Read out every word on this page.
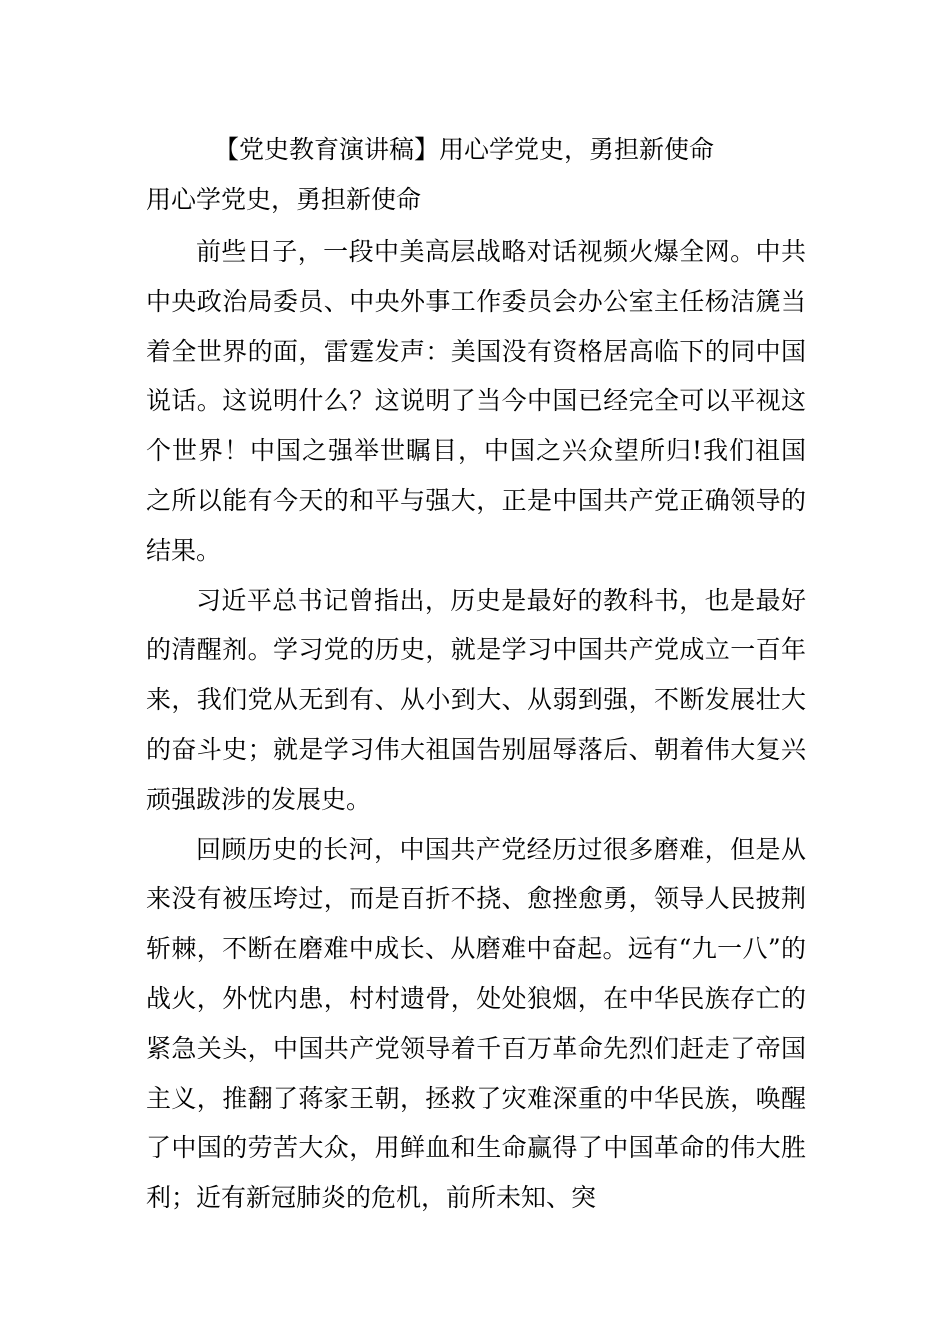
【党史教育演讲稿】用心学党史，勇担新使命

用心学党史，勇担新使命

前些日子，一段中美高层战略对话视频火爆全网。中共中央政治局委员、中央外事工作委员会办公室主任杨洁篪当着全世界的面，雷霆发声：美国没有资格居高临下的同中国说话。这说明什么？这说明了当今中国已经完全可以平视这个世界！中国之强举世瞩目，中国之兴众望所归!我们祖国之所以能有今天的和平与强大，正是中国共产党正确领导的结果。

习近平总书记曾指出，历史是最好的教科书，也是最好的清醒剂。学习党的历史，就是学习中国共产党成立一百年来，我们党从无到有、从小到大、从弱到强，不断发展壮大的奋斗史；就是学习伟大祖国告别屈辱落后、朝着伟大复兴顽强跋涉的发展史。

回顾历史的长河，中国共产党经历过很多磨难，但是从来没有被压垮过，而是百折不挠、愈挫愈勇，领导人民披荆斩棘，不断在磨难中成长、从磨难中奋起。远有“九一八”的战火，外忧内患，村村遗骨，处处狼烟，在中华民族存亡的紧急关头，中国共产党领导着千百万革命先烈们赶走了帝国主义，推翻了蒋家王朝，拯救了灾难深重的中华民族，唤醒了中国的劳苦大众，用鲜血和生命赢得了中国革命的伟大胜利；近有新冠肺炎的危机，前所未知、突
